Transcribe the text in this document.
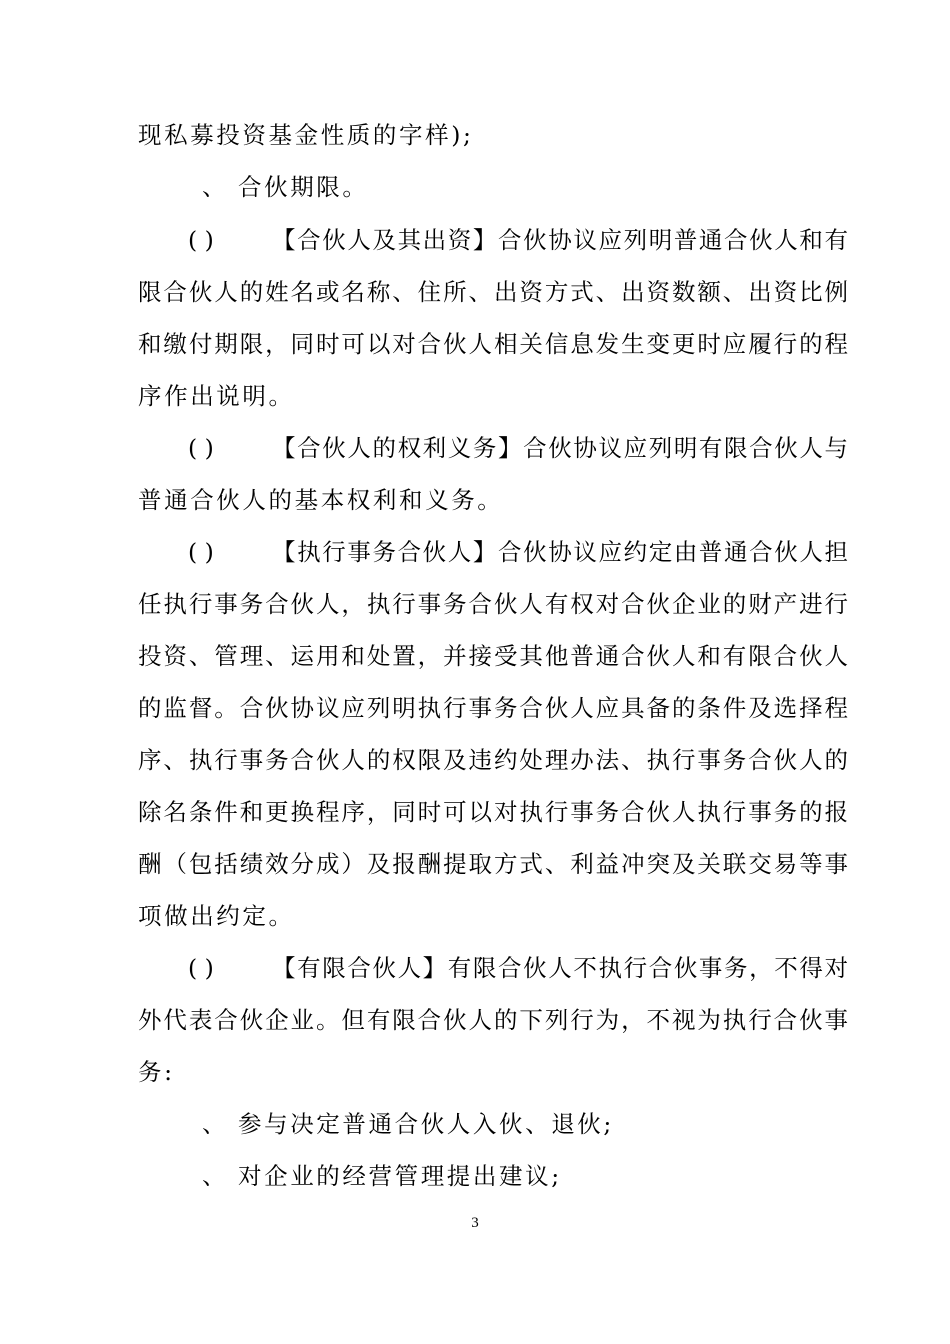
现私募投资基金性质的字样);
、 合伙期限。
( ) 【合伙人及其出资】合伙协议应列明普通合伙人和有
限合伙人的姓名或名称、住所、出资方式、出资数额、出资比例
和缴付期限，同时可以对合伙人相关信息发生变更时应履行的程
序作出说明。
( ) 【合伙人的权利义务】合伙协议应列明有限合伙人与
普通合伙人的基本权利和义务。
( ) 【执行事务合伙人】合伙协议应约定由普通合伙人担
任执行事务合伙人，执行事务合伙人有权对合伙企业的财产进行
投资、管理、运用和处置，并接受其他普通合伙人和有限合伙人
的监督。合伙协议应列明执行事务合伙人应具备的条件及选择程
序、执行事务合伙人的权限及违约处理办法、执行事务合伙人的
除名条件和更换程序，同时可以对执行事务合伙人执行事务的报
酬（包括绩效分成）及报酬提取方式、利益冲突及关联交易等事
项做出约定。
( ) 【有限合伙人】有限合伙人不执行合伙事务，不得对
外代表合伙企业。但有限合伙人的下列行为，不视为执行合伙事
务:
、 参与决定普通合伙人入伙、退伙;
、 对企业的经营管理提出建议;
3
